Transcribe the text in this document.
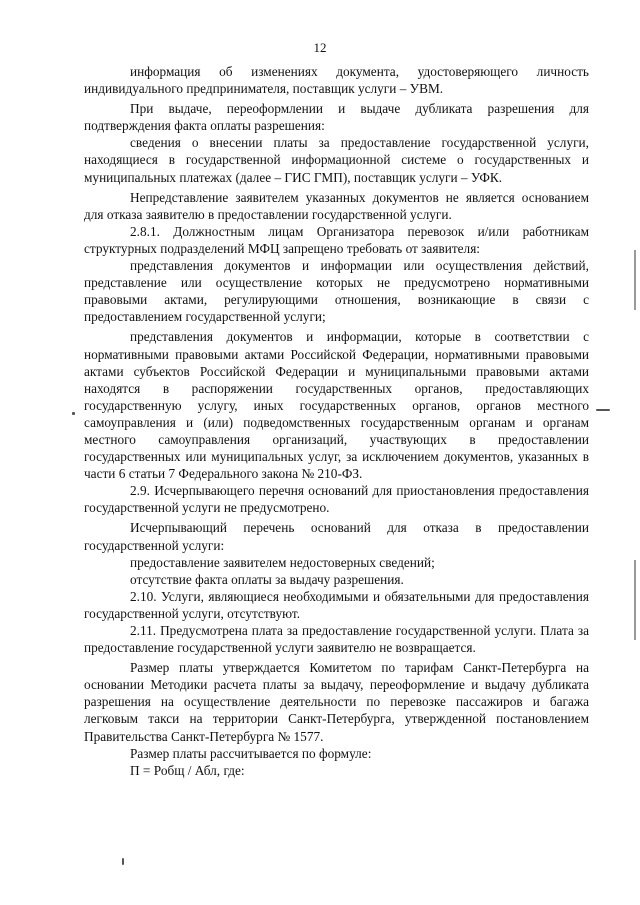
12

информация об изменениях документа, удостоверяющего личность индивидуального предпринимателя, поставщик услуги – УВМ.

При выдаче, переоформлении и выдаче дубликата разрешения для подтверждения факта оплаты разрешения:

сведения о внесении платы за предоставление государственной услуги, находящиеся в государственной информационной системе о государственных и муниципальных платежах (далее – ГИС ГМП), поставщик услуги – УФК.

Непредставление заявителем указанных документов не является основанием для отказа заявителю в предоставлении государственной услуги.

2.8.1. Должностным лицам Организатора перевозок и/или работникам структурных подразделений МФЦ запрещено требовать от заявителя:

представления документов и информации или осуществления действий, представление или осуществление которых не предусмотрено нормативными правовыми актами, регулирующими отношения, возникающие в связи с предоставлением государственной услуги;

представления документов и информации, которые в соответствии с нормативными правовыми актами Российской Федерации, нормативными правовыми актами субъектов Российской Федерации и муниципальными правовыми актами находятся в распоряжении государственных органов, предоставляющих государственную услугу, иных государственных органов, органов местного самоуправления и (или) подведомственных государственным органам и органам местного самоуправления организаций, участвующих в предоставлении государственных или муниципальных услуг, за исключением документов, указанных в части 6 статьи 7 Федерального закона № 210-ФЗ.

2.9. Исчерпывающего перечня оснований для приостановления предоставления государственной услуги не предусмотрено.

Исчерпывающий перечень оснований для отказа в предоставлении государственной услуги:

предоставление заявителем недостоверных сведений;

отсутствие факта оплаты за выдачу разрешения.

2.10. Услуги, являющиеся необходимыми и обязательными для предоставления государственной услуги, отсутствуют.

2.11. Предусмотрена плата за предоставление государственной услуги. Плата за предоставление государственной услуги заявителю не возвращается.

Размер платы утверждается Комитетом по тарифам Санкт-Петербурга на основании Методики расчета платы за выдачу, переоформление и выдачу дубликата разрешения на осуществление деятельности по перевозке пассажиров и багажа легковым такси на территории Санкт-Петербурга, утвержденной постановлением Правительства Санкт-Петербурга № 1577.

Размер платы рассчитывается по формуле:

П = Робщ / Абл, где:
